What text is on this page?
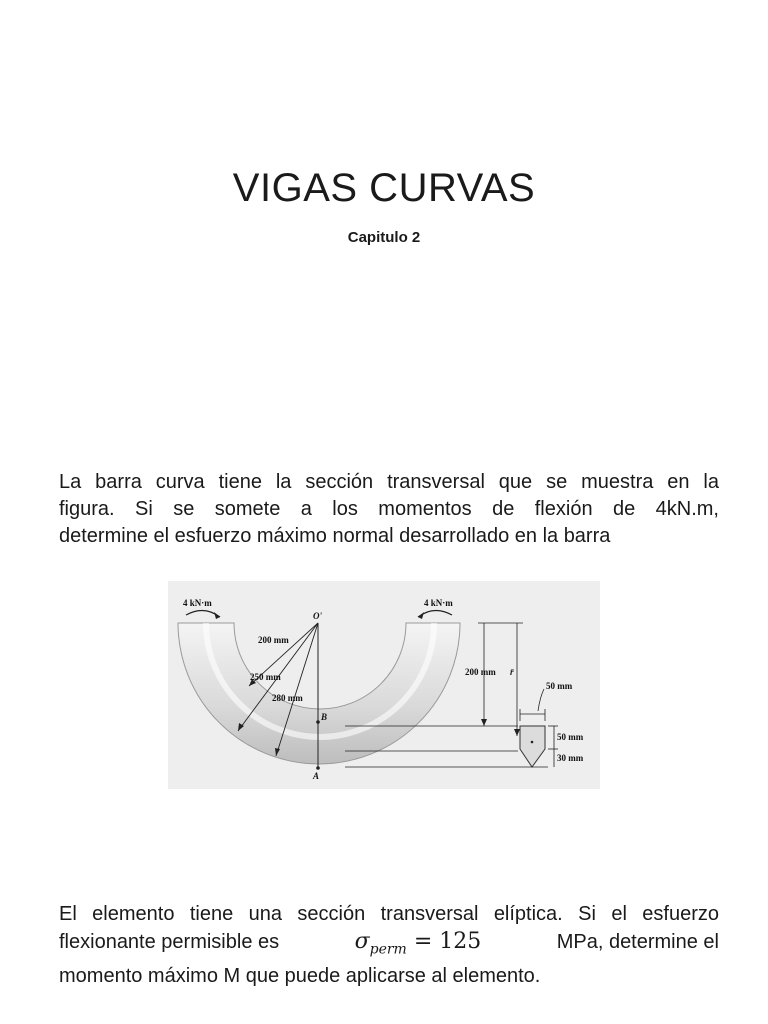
VIGAS CURVAS
Capitulo 2
La barra curva tiene la sección transversal que se muestra en la
figura. Si se somete a los momentos de flexión de 4kN.m,
determine el esfuerzo máximo normal desarrollado en la barra
4 kN·m	4 kN·m
O'
200 mm
250 mm
280 mm
B
A
200 mm r̄
50 mm
50 mm
30 mm
El elemento tiene una sección transversal elíptica. Si el esfuerzo
flexionante permisible es	$\sigma_{perm} = 125$	MPa, determine el
momento máximo M que puede aplicarse al elemento.
